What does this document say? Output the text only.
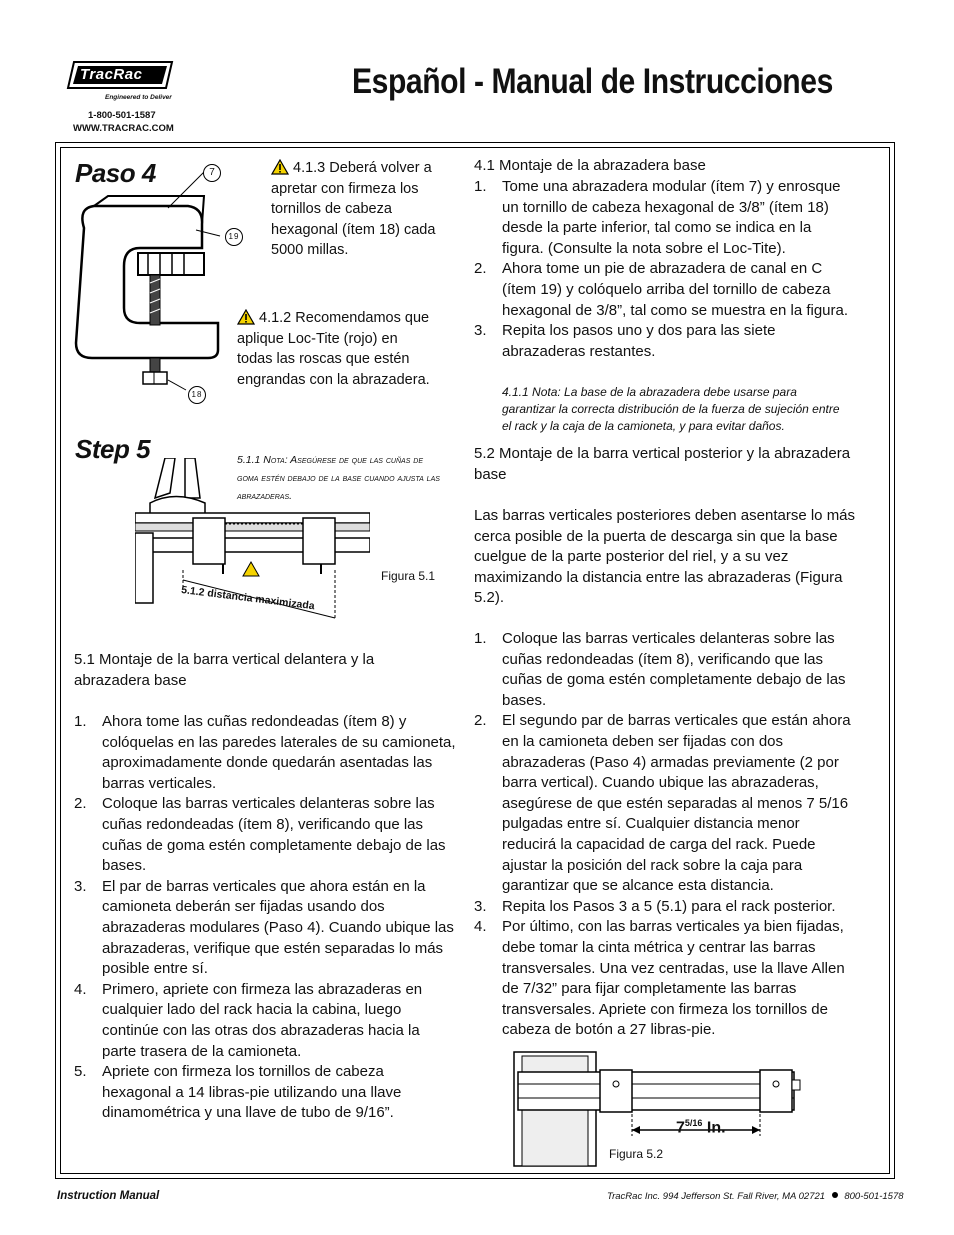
TracRac
Engineered to Deliver
1-800-501-1587
WWW.TRACRAC.COM
Español - Manual de Instrucciones
Paso 4	7
19
18
4.1.3 Deberá volver a apretar con firmeza los tornillos de cabeza hexagonal (ítem 18) cada 5000 millas.
4.1.2 Recomendamos que aplique Loc-Tite (rojo) en todas las roscas que estén engrandas con la abrazadera.
Step 5	5.1.1 Nota: Asegúrese de que las cuñas de goma estén debajo de la base cuando ajusta las abrazaderas.
5.1.2 distancia maximizada
Figura 5.1
5.1 Montaje de la barra vertical delantera y la abrazadera base
1. Ahora tome las cuñas redondeadas (ítem 8) y colóquelas en las paredes laterales de su camioneta, aproximadamente donde quedarán asentadas las barras verticales.
2. Coloque las barras verticales delanteras sobre las cuñas redondeadas (ítem 8), verificando que las cuñas de goma estén completamente debajo de las bases.
3. El par de barras verticales que ahora están en la camioneta deberán ser fijadas usando dos abrazaderas modulares (Paso 4). Cuando ubique las abrazaderas, verifique que estén separadas lo más posible entre sí.
4. Primero, apriete con firmeza las abrazaderas en cualquier lado del rack hacia la cabina, luego continúe con las otras dos abrazaderas hacia la parte trasera de la camioneta.
5. Apriete con firmeza los tornillos de cabeza hexagonal a 14 libras-pie utilizando una llave dinamométrica y una llave de tubo de 9/16”.
4.1 Montaje de la abrazadera base
1. Tome una abrazadera modular (ítem 7) y enrosque un tornillo de cabeza hexagonal de 3/8” (ítem 18) desde la parte inferior, tal como se indica en la figura. (Consulte la nota sobre el Loc-Tite).
2. Ahora tome un pie de abrazadera de canal en C (ítem 19) y colóquelo arriba del tornillo de cabeza hexagonal de 3/8”, tal como se muestra en la figura.
3. Repita los pasos uno y dos para las siete abrazaderas restantes.
4.1.1 Nota: La base de la abrazadera debe usarse para garantizar la correcta distribución de la fuerza de sujeción entre el rack y la caja de la camioneta, y para evitar daños.
5.2 Montaje de la barra vertical posterior y la abrazadera base
Las barras verticales posteriores deben asentarse lo más cerca posible de la puerta de descarga sin que la base cuelgue de la parte posterior del riel, y a su vez maximizando la distancia entre las abrazaderas (Figura 5.2).
1. Coloque las barras verticales delanteras sobre las cuñas redondeadas (ítem 8), verificando que las cuñas de goma estén completamente debajo de las bases.
2. El segundo par de barras verticales que están ahora en la camioneta deben ser fijadas con dos abrazaderas (Paso 4) armadas previamente (2 por barra vertical). Cuando ubique las abrazaderas, asegúrese de que estén separadas al menos 7 5/16 pulgadas entre sí. Cualquier distancia menor reducirá la capacidad de carga del rack. Puede ajustar la posición del rack sobre la caja para garantizar que se alcance esta distancia.
3. Repita los Pasos 3 a 5 (5.1) para el rack posterior.
4. Por último, con las barras verticales ya bien fijadas, debe tomar la cinta métrica y centrar las barras transversales. Una vez centradas, use la llave Allen de 7/32” para fijar completamente las barras transversales. Apriete con firmeza los tornillos de cabeza de botón a 27 libras-pie.
$7^{5/16}$ In.
Figura 5.2
Instruction Manual	TracRac Inc. 994 Jefferson St. Fall River, MA 02721 800-501-1578
